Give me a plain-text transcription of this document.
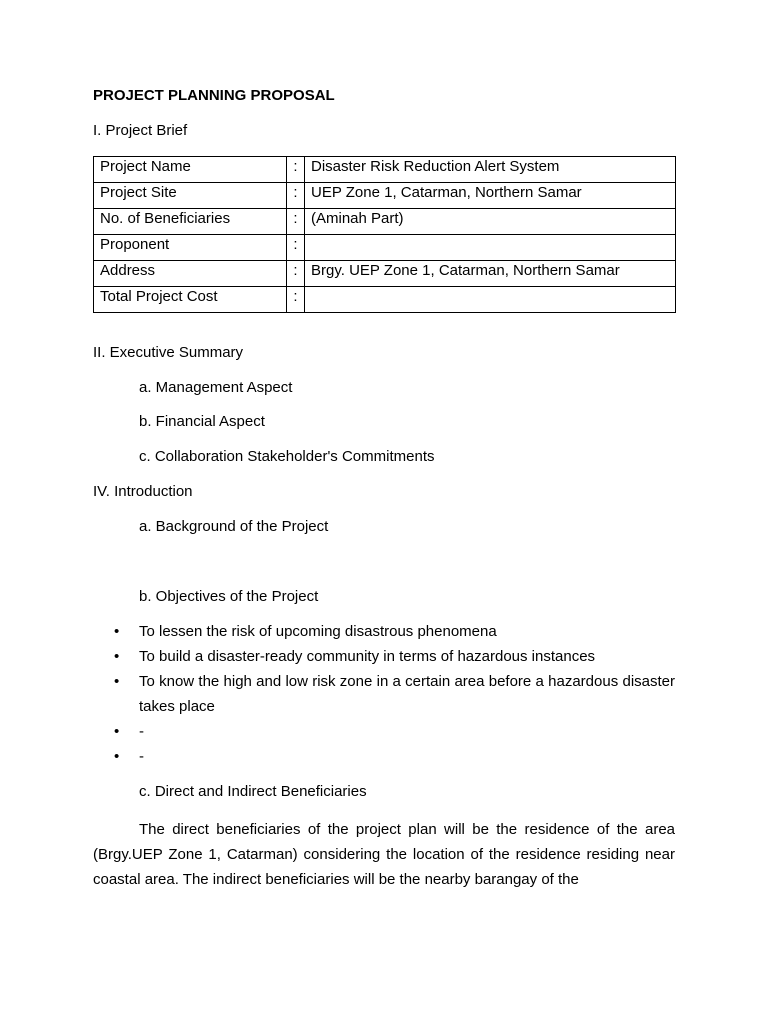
PROJECT PLANNING PROPOSAL
I. Project Brief
Project Name	:	Disaster Risk Reduction Alert System
Project Site	:	UEP Zone 1, Catarman, Northern Samar
No. of Beneficiaries	:	(Aminah Part)
Proponent	:	
Address	:	Brgy. UEP Zone 1, Catarman, Northern Samar
Total Project Cost	:	
II. Executive Summary
a. Management Aspect
b. Financial Aspect
c. Collaboration Stakeholder's Commitments
IV. Introduction
a. Background of the Project
b. Objectives of the Project
•	To lessen the risk of upcoming disastrous phenomena
•	To build a disaster-ready community in terms of hazardous instances
•	To know the high and low risk zone in a certain area before a hazardous disaster takes place
•	-
•	-
c. Direct and Indirect Beneficiaries
The direct beneficiaries of the project plan will be the residence of the area (Brgy.UEP Zone 1, Catarman) considering the location of the residence residing near coastal area. The indirect beneficiaries will be the nearby barangay of the
